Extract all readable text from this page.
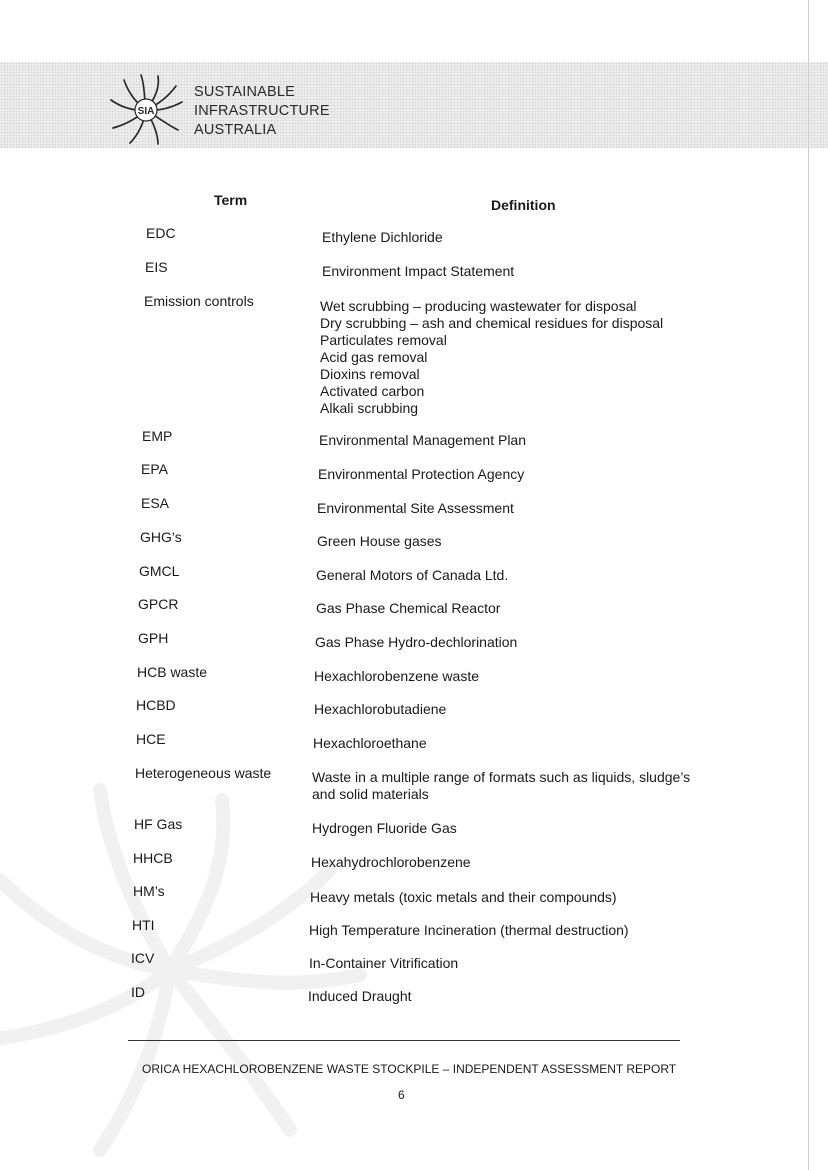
SIA
SUSTAINABLE
INFRASTRUCTURE
AUSTRALIA
Term	Definition
EDC	Ethylene Dichloride
EIS	Environment Impact Statement
Emission controls	Wet scrubbing – producing wastewater for disposal
Dry scrubbing – ash and chemical residues for disposal
Particulates removal
Acid gas removal
Dioxins removal
Activated carbon
Alkali scrubbing
EMP	Environmental Management Plan
EPA	Environmental Protection Agency
ESA	Environmental Site Assessment
GHG’s	Green House gases
GMCL	General Motors of Canada Ltd.
GPCR	Gas Phase Chemical Reactor
GPH	Gas Phase Hydro-dechlorination
HCB waste	Hexachlorobenzene waste
HCBD	Hexachlorobutadiene
HCE	Hexachloroethane
Heterogeneous waste	Waste in a multiple range of formats such as liquids, sludge’s
and solid materials
HF Gas	Hydrogen Fluoride Gas
HHCB	Hexahydrochlorobenzene
HM’s	Heavy metals (toxic metals and their compounds)
HTI	High Temperature Incineration (thermal destruction)
ICV	In-Container Vitrification
ID	Induced Draught
ORICA HEXACHLOROBENZENE WASTE STOCKPILE – INDEPENDENT ASSESSMENT REPORT
6
